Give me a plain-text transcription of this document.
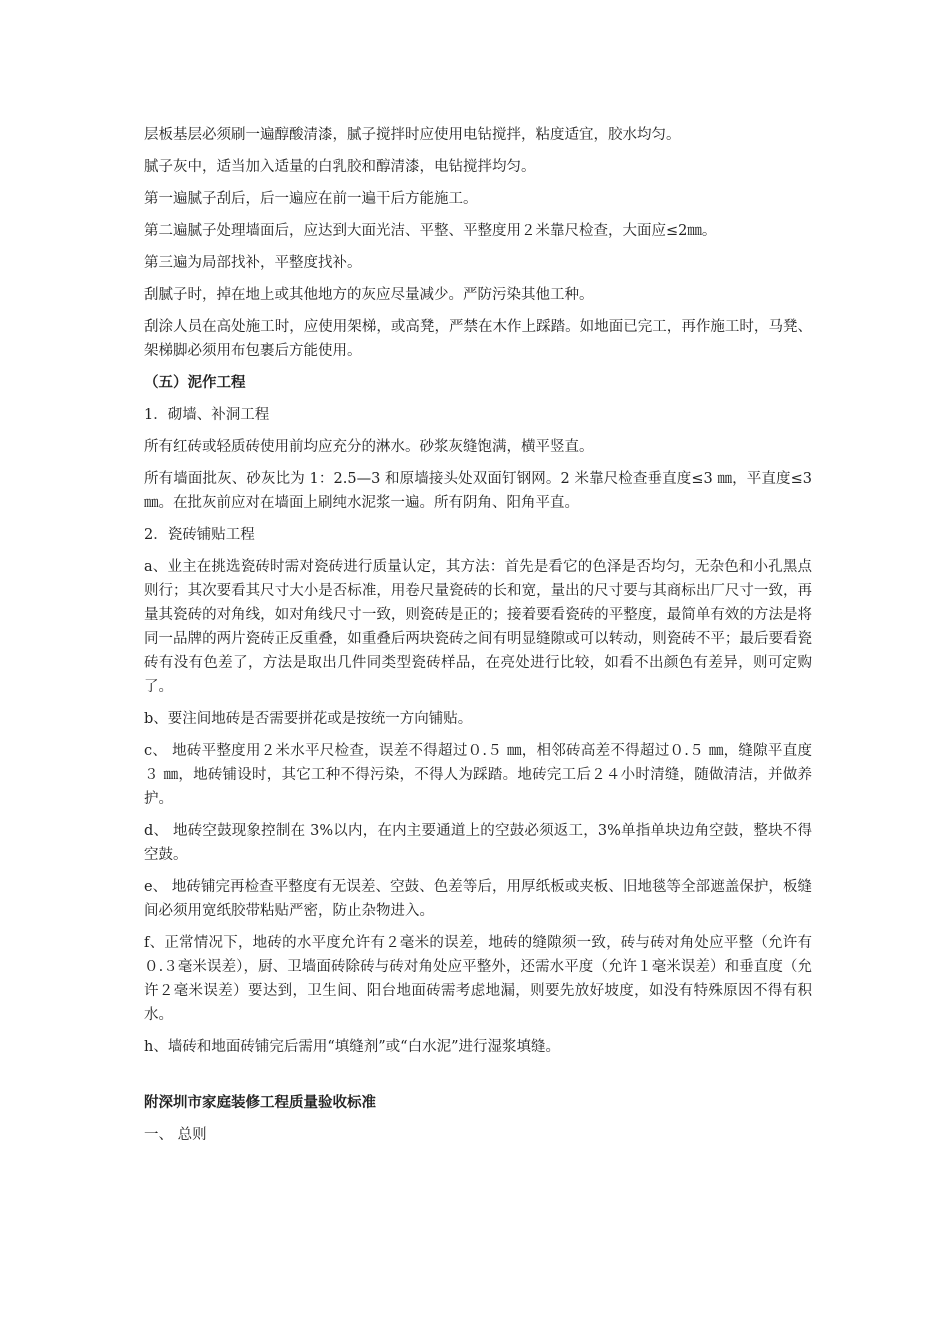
层板基层必须刷一遍醇酸清漆，腻子搅拌时应使用电钻搅拌，粘度适宜，胶水均匀。

腻子灰中，适当加入适量的白乳胶和醇清漆，电钻搅拌均匀。

第一遍腻子刮后，后一遍应在前一遍干后方能施工。

第二遍腻子处理墙面后，应达到大面光洁、平整、平整度用２米靠尺检查，大面应≤2㎜。

第三遍为局部找补，平整度找补。

刮腻子时，掉在地上或其他地方的灰应尽量减少。严防污染其他工种。

刮涂人员在高处施工时，应使用架梯，或高凳，严禁在木作上踩踏。如地面已完工，再作施工时，马凳、架梯脚必须用布包裹后方能使用。

（五）泥作工程

1．砌墙、补洞工程

所有红砖或轻质砖使用前均应充分的淋水。砂浆灰缝饱满，横平竖直。

所有墙面批灰、砂灰比为 1：2.5—3 和原墙接头处双面钉钢网。2 米靠尺检查垂直度≤3 ㎜，平直度≤3 ㎜。在批灰前应对在墙面上刷纯水泥浆一遍。所有阴角、阳角平直。

2．瓷砖铺贴工程

a、业主在挑选瓷砖时需对瓷砖进行质量认定，其方法：首先是看它的色泽是否均匀，无杂色和小孔黑点则行；其次要看其尺寸大小是否标准，用卷尺量瓷砖的长和宽，量出的尺寸要与其商标出厂尺寸一致，再量其瓷砖的对角线，如对角线尺寸一致，则瓷砖是正的；接着要看瓷砖的平整度，最简单有效的方法是将同一品牌的两片瓷砖正反重叠，如重叠后两块瓷砖之间有明显缝隙或可以转动，则瓷砖不平；最后要看瓷砖有没有色差了，方法是取出几件同类型瓷砖样品，在亮处进行比较，如看不出颜色有差异，则可定购了。

b、要注间地砖是否需要拼花或是按统一方向铺贴。

c、 地砖平整度用２米水平尺检查，误差不得超过０.５ ㎜，相邻砖高差不得超过０.５ ㎜，缝隙平直度３ ㎜，地砖铺设时，其它工种不得污染，不得人为踩踏。地砖完工后２４小时清缝，随做清洁，并做养护。

d、 地砖空鼓现象控制在 3%以内，在内主要通道上的空鼓必须返工，3%单指单块边角空鼓，整块不得空鼓。

e、 地砖铺完再检查平整度有无误差、空鼓、色差等后，用厚纸板或夹板、旧地毯等全部遮盖保护，板缝间必须用宽纸胶带粘贴严密，防止杂物进入。

f、正常情况下，地砖的水平度允许有２毫米的误差，地砖的缝隙须一致，砖与砖对角处应平整（允许有０.３毫米误差），厨、卫墙面砖除砖与砖对角处应平整外，还需水平度（允许１毫米误差）和垂直度（允许２毫米误差）要达到，卫生间、阳台地面砖需考虑地漏，则要先放好坡度，如没有特殊原因不得有积水。

h、墙砖和地面砖铺完后需用“填缝剂”或“白水泥”进行湿浆填缝。

附深圳市家庭装修工程质量验收标准

一、 总则
